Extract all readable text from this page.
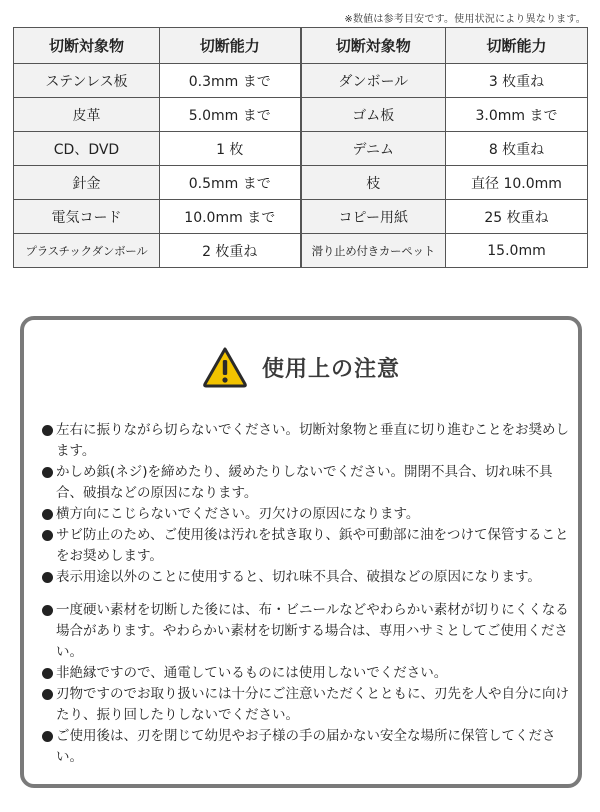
※数値は参考目安です。使用状況により異なります。
切断対象物	切断能力	切断対象物	切断能力
ステンレス板	0.3mm まで	ダンボール	3 枚重ね
皮革	5.0mm まで	ゴム板	3.0mm まで
CD、DVD	1 枚	デニム	8 枚重ね
針金	0.5mm まで	枝	直径 10.0mm
電気コード	10.0mm まで	コピー用紙	25 枚重ね
プラスチックダンボール	2 枚重ね	滑り止め付きカーペット	15.0mm
使用上の注意
左右に振りながら切らないでください。切断対象物と垂直に切り進むことをお奨めします。
かしめ鋲(ネジ)を締めたり、緩めたりしないでください。開閉不具合、切れ味不具合、破損などの原因になります。
横方向にこじらないでください。刃欠けの原因になります。
サビ防止のため、ご使用後は汚れを拭き取り、鋲や可動部に油をつけて保管することをお奨めします。
表示用途以外のことに使用すると、切れ味不具合、破損などの原因になります。
一度硬い素材を切断した後には、布・ビニールなどやわらかい素材が切りにくくなる場合があります。やわらかい素材を切断する場合は、専用ハサミとしてご使用ください。
非絶縁ですので、通電しているものには使用しないでください。
刃物ですのでお取り扱いには十分にご注意いただくとともに、刃先を人や自分に向けたり、振り回したりしないでください。
ご使用後は、刃を閉じて幼児やお子様の手の届かない安全な場所に保管してください。
